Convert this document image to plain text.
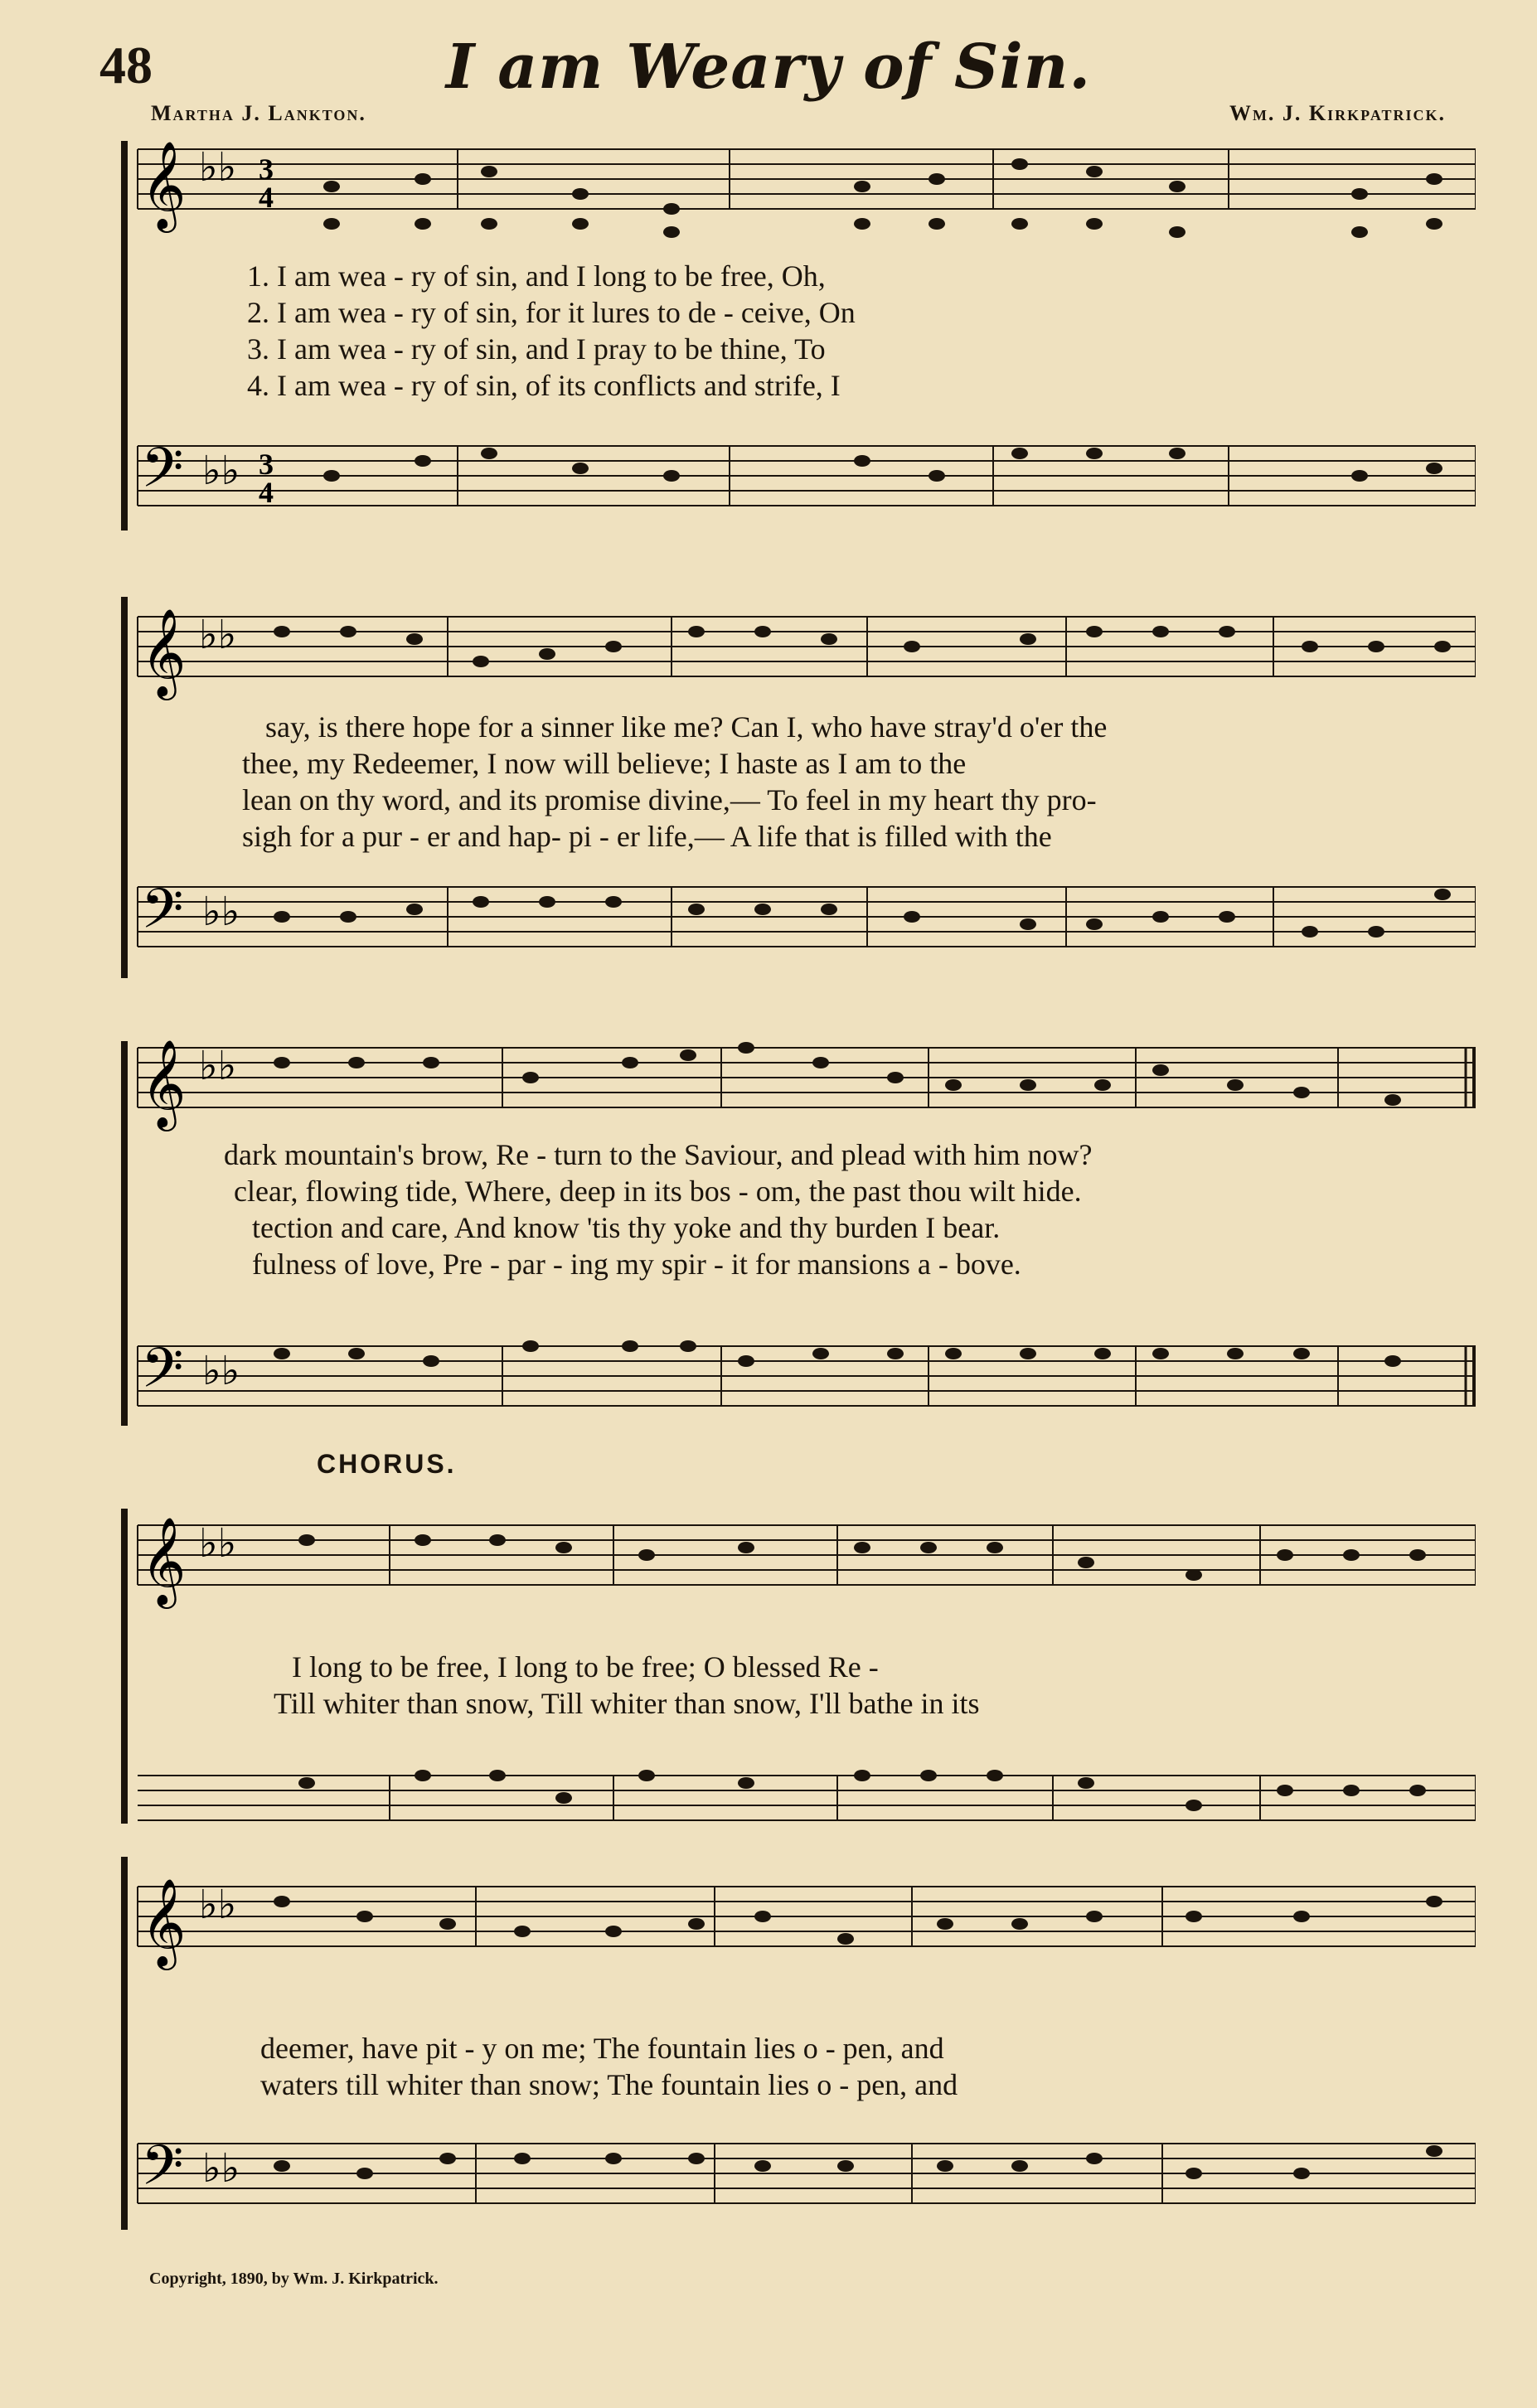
48	I am Weary of Sin.
Martha J. Lankton.	Wm. J. Kirkpatrick.
𝄞
𝄢
♭♭
♭♭
3
4
3
4
1. I am wea - ry of sin, and I long to be free, Oh,
2. I am wea - ry of sin, for it lures to de - ceive, On
3. I am wea - ry of sin, and I pray to be thine, To
4. I am wea - ry of sin, of its conflicts and strife, I
𝄞
𝄢
♭♭
♭♭
say, is there hope for a sinner like me? Can I, who have stray'd o'er the
thee, my Redeemer, I now will believe; I haste as I am to the
lean on thy word, and its promise divine,— To feel in my heart thy pro-
sigh for a pur - er and hap- pi - er life,— A life that is filled with the
𝄞
𝄢
♭♭
♭♭
dark mountain's brow, Re - turn to the Saviour, and plead with him now?
clear, flowing tide, Where, deep in its bos - om, the past thou wilt hide.
tection and care, And know 'tis thy yoke and thy burden I bear.
fulness of love, Pre - par - ing my spir - it for mansions a - bove.
CHORUS.
𝄞 ♭♭
I long to be free, I long to be free; O blessed Re -
Till whiter than snow, Till whiter than snow, I'll bathe in its
𝄞
𝄢
♭♭
♭♭
deemer, have pit - y on me; The fountain lies o - pen, and
waters till whiter than snow; The fountain lies o - pen, and
Copyright, 1890, by Wm. J. Kirkpatrick.
